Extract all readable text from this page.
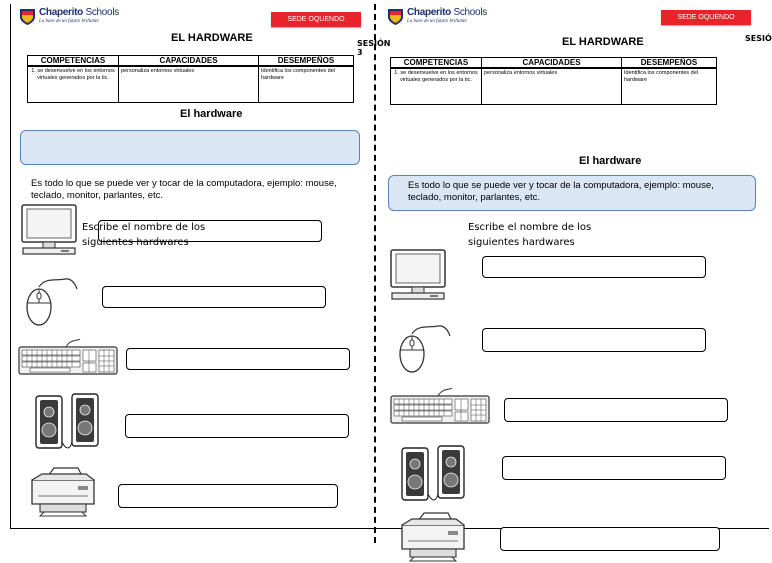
Chaperito Schools
La base de un futuro brillante	SEDE OQUENDO
EL HARDWARE	SESIÓN 3
COMPETENCIAS	CAPACIDADES	DESEMPEÑOS
1. se desenvuelve en los entornos virtuales generados por la tic.	personaliza entornos virtuales	Identifica los componentes del hardware
El hardware
Es todo lo que se puede ver y tocar de la computadora, ejemplo: mouse, teclado, monitor, parlantes, etc.
Escribe el nombre de los siguientes hardwares
Chaperito Schools
La base de un futuro brillante
SEDE OQUENDO
EL HARDWARE	SESIÓ
COMPETENCIAS	CAPACIDADES	DESEMPEÑOS
1. se desenvuelve en los entornos virtuales generados por la tic.	personaliza entornos virtuales	Identifica los componentes del hardware
El hardware
Es todo lo que se puede ver y tocar de la computadora, ejemplo: mouse, teclado, monitor, parlantes, etc.
Escribe el nombre de los siguientes hardwares
